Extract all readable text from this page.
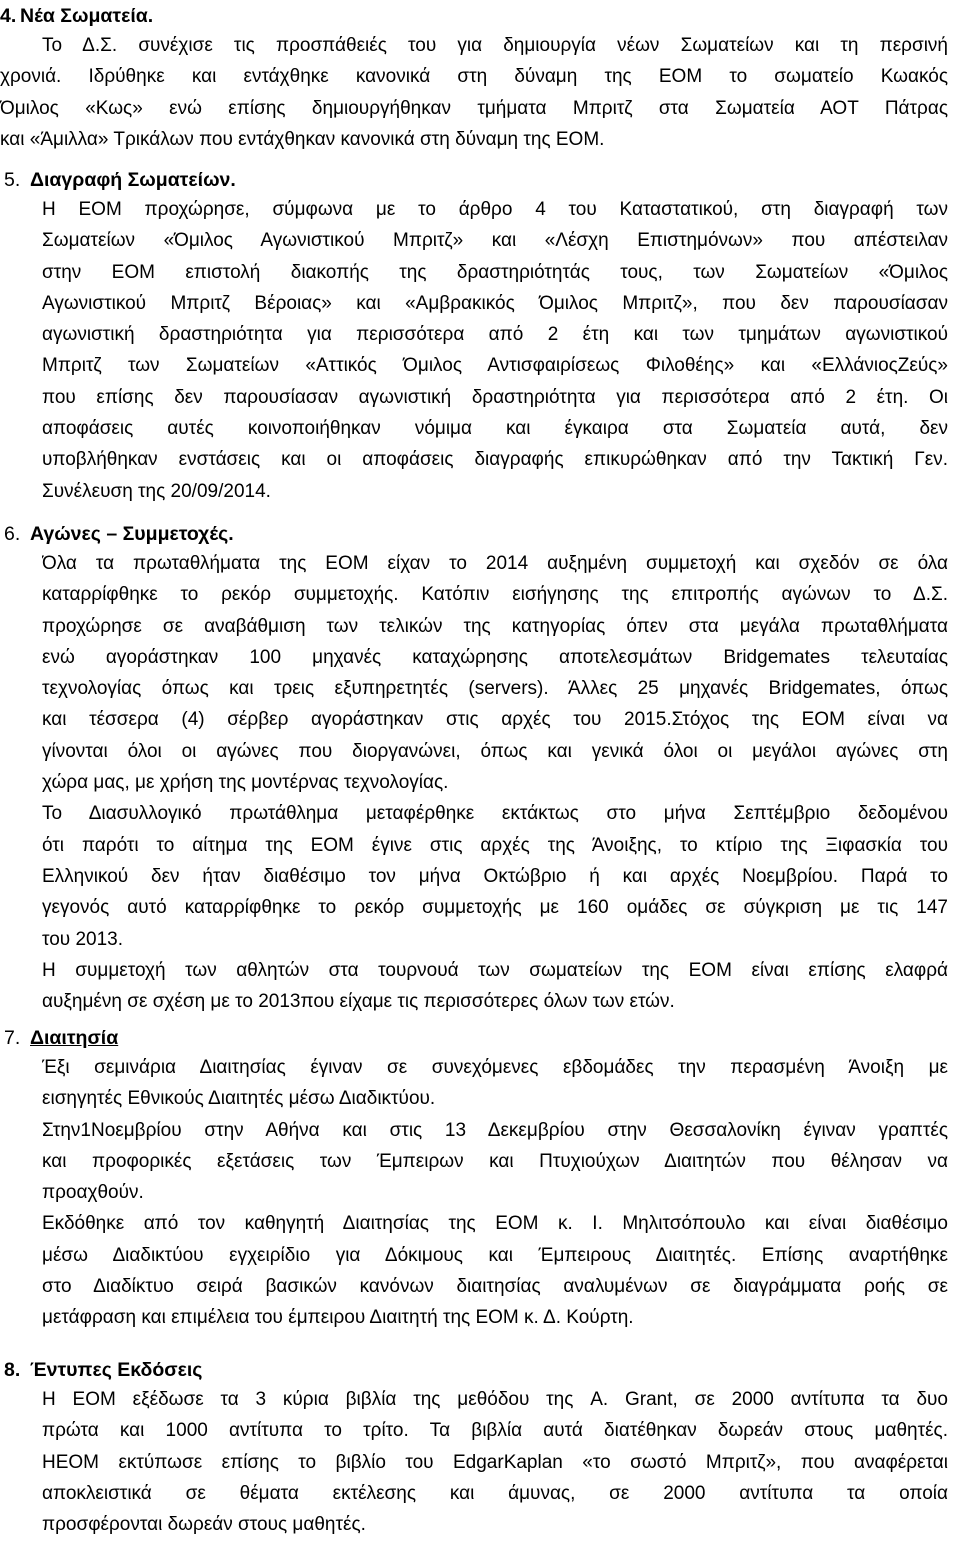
4. Νέα Σωματεία.
Το Δ.Σ. συνέχισε τις προσπάθειές του για δημιουργία νέων Σωματείων και τη περσινή
χρονιά. Ιδρύθηκε και εντάχθηκε κανονικά στη δύναμη της ΕΟΜ το σωματείο Κωακός
Όμιλος «Κως» ενώ επίσης δημιουργήθηκαν τμήματα Μπριτζ στα Σωματεία ΑΟΤ Πάτρας
και «Άμιλλα» Τρικάλων που εντάχθηκαν κανονικά στη δύναμη της ΕΟΜ.
5. Διαγραφή Σωματείων.
Η ΕΟΜ προχώρησε, σύμφωνα με το άρθρο 4 του Καταστατικού, στη διαγραφή των
Σωματείων «Όμιλος Αγωνιστικού Μπριτζ» και «Λέσχη Επιστημόνων» που απέστειλαν
στην ΕΟΜ επιστολή διακοπής της δραστηριότητάς τους, των Σωματείων «Όμιλος
Αγωνιστικού Μπριτζ Βέροιας» και «Αμβρακικός Όμιλος Μπριτζ», που δεν παρουσίασαν
αγωνιστική δραστηριότητα για περισσότερα από 2 έτη και των τμημάτων αγωνιστικού
Μπριτζ των Σωματείων «Αττικός Όμιλος Αντισφαιρίσεως Φιλοθέης» και «ΕλλάνιοςΖεύς»
που επίσης δεν παρουσίασαν αγωνιστική δραστηριότητα για περισσότερα από 2 έτη. Οι
αποφάσεις αυτές κοινοποιήθηκαν νόμιμα και έγκαιρα στα Σωματεία αυτά, δεν
υποβλήθηκαν ενστάσεις και οι αποφάσεις διαγραφής επικυρώθηκαν από την Τακτική Γεν.
Συνέλευση της 20/09/2014.
6. Αγώνες – Συμμετοχές.
Όλα τα πρωταθλήματα της ΕΟΜ είχαν το 2014 αυξημένη συμμετοχή και σχεδόν σε όλα
καταρρίφθηκε το ρεκόρ συμμετοχής. Κατόπιν εισήγησης της επιτροπής αγώνων το Δ.Σ.
προχώρησε σε αναβάθμιση των τελικών της κατηγορίας όπεν στα μεγάλα πρωταθλήματα
ενώ αγοράστηκαν 100 μηχανές καταχώρησης αποτελεσμάτων Bridgemates τελευταίας
τεχνολογίας όπως και τρεις εξυπηρετητές (servers). Άλλες 25 μηχανές Bridgemates, όπως
και τέσσερα (4) σέρβερ αγοράστηκαν στις αρχές του 2015.Στόχος της ΕΟΜ είναι να
γίνονται όλοι οι αγώνες που διοργανώνει, όπως και γενικά όλοι οι μεγάλοι αγώνες στη
χώρα μας, με χρήση της μοντέρνας τεχνολογίας.
Το Διασυλλογικό πρωτάθλημα μεταφέρθηκε εκτάκτως στο μήνα Σεπτέμβριο δεδομένου
ότι παρότι το αίτημα της ΕΟΜ έγινε στις αρχές της Άνοιξης, το κτίριο της Ξιφασκία του
Ελληνικού δεν ήταν διαθέσιμο τον μήνα Οκτώβριο ή και αρχές Νοεμβρίου. Παρά το
γεγονός αυτό καταρρίφθηκε το ρεκόρ συμμετοχής με 160 ομάδες σε σύγκριση με τις 147
του 2013.
Η συμμετοχή των αθλητών στα τουρνουά των σωματείων της ΕΟΜ είναι επίσης ελαφρά
αυξημένη σε σχέση με το 2013που είχαμε τις περισσότερες όλων των ετών.
7. Διαιτησία
Έξι σεμινάρια Διαιτησίας έγιναν σε συνεχόμενες εβδομάδες την περασμένη Άνοιξη με
εισηγητές Εθνικούς Διαιτητές μέσω Διαδικτύου.
Στην1Νοεμβρίου στην Αθήνα και στις 13 Δεκεμβρίου στην Θεσσαλονίκη έγιναν γραπτές
και προφορικές εξετάσεις των Έμπειρων και Πτυχιούχων Διαιτητών που θέλησαν να
προαχθούν.
Εκδόθηκε από τον καθηγητή Διαιτησίας της ΕΟΜ κ. Ι. Μηλιτσόπουλο και είναι διαθέσιμο
μέσω Διαδικτύου εγχειρίδιο για Δόκιμους και Έμπειρους Διαιτητές. Επίσης αναρτήθηκε
στο Διαδίκτυο σειρά βασικών κανόνων διαιτησίας αναλυμένων σε διαγράμματα ροής σε
μετάφραση και επιμέλεια του έμπειρου Διαιτητή της ΕΟΜ κ. Δ. Κούρτη.
8. Έντυπες Εκδόσεις
Η ΕΟΜ εξέδωσε τα 3 κύρια βιβλία της μεθόδου της A. Grant, σε 2000 αντίτυπα τα δυο
πρώτα και 1000 αντίτυπα το τρίτο. Τα βιβλία αυτά διατέθηκαν δωρεάν στους μαθητές.
ΗΕΟΜ εκτύπωσε επίσης το βιβλίο του EdgarKaplan «το σωστό Μπριτζ», που αναφέρεται
αποκλειστικά σε θέματα εκτέλεσης και άμυνας, σε 2000 αντίτυπα τα οποία
προσφέρονται δωρεάν στους μαθητές.
